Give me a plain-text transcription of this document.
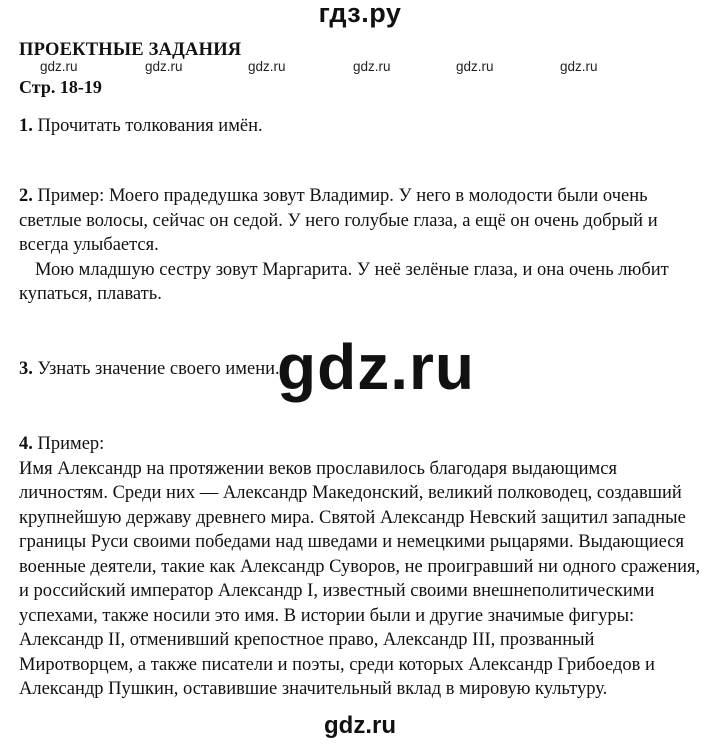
гдз.ру
ПРОЕКТНЫЕ ЗАДАНИЯ
gdz.ru	gdz.ru	gdz.ru	gdz.ru	gdz.ru	gdz.ru
Стр. 18-19
1. Прочитать толкования имён.
2. Пример: Моего прадедушка зовут Владимир. У него в молодости были очень
светлые волосы, сейчас он седой. У него голубые глаза, а ещё он очень добрый и
всегда улыбается.
Мою младшую сестру зовут Маргарита. У неё зелёные глаза, и она очень любит
купаться, плавать.
3. Узнать значение своего имени.
gdz.ru
4. Пример:
Имя Александр на протяжении веков прославилось благодаря выдающимся
личностям. Среди них — Александр Македонский, великий полководец, создавший
крупнейшую державу древнего мира. Святой Александр Невский защитил западные
границы Руси своими победами над шведами и немецкими рыцарями. Выдающиеся
военные деятели, такие как Александр Суворов, не проигравший ни одного сражения,
и российский император Александр I, известный своими внешнеполитическими
успехами, также носили это имя. В истории были и другие значимые фигуры:
Александр II, отменивший крепостное право, Александр III, прозванный
Миротворцем, а также писатели и поэты, среди которых Александр Грибоедов и
Александр Пушкин, оставившие значительный вклад в мировую культуру.
gdz.ru
